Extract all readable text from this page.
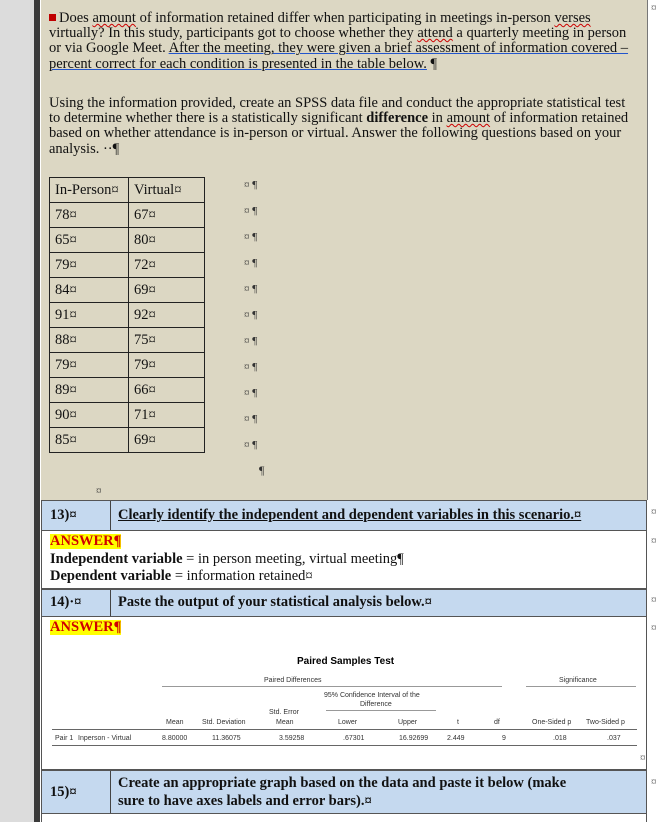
Does amount of information retained differ when participating in meetings in-person verses virtually? In this study, participants got to choose whether they attend a quarterly meeting in person or via Google Meet. After the meeting, they were given a brief assessment of information covered – percent correct for each condition is presented in the table below. ¶
Using the information provided, create an SPSS data file and conduct the appropriate statistical test to determine whether there is a statistically significant difference in amount of information retained based on whether attendance is in-person or virtual. Answer the following questions based on your analysis. ··¶
In-Person¤	Virtual¤
78¤	67¤
65¤	80¤
79¤	72¤
84¤	69¤
91¤	92¤
88¤	75¤
79¤	79¤
89¤	66¤
90¤	71¤
85¤	69¤
¤ ¶
¤ ¶
¤ ¶
¤ ¶
¤ ¶
¤ ¶
¤ ¶
¤ ¶
¤ ¶
¤ ¶
¤ ¶
¶
¤
¤
13)¤	Clearly identify the independent and dependent variables in this scenario.¤	¤
ANSWER¶
Independent variable = in person meeting, virtual meeting¶
Dependent variable = information retained¤
¤
14)·¤	Paste the output of your statistical analysis below.¤	¤
ANSWER¶
Paired Samples Test
Paired Differences	Significance
95% Confidence Interval of the
Difference
Std. Error
Mean	Std. Deviation	Mean	Lower	Upper	t	df	One-Sided p Two-Sided p
Pair 1 Inperson - Virtual	8.80000	11.36075	3.59258	.67301	16.92699	2.449	9	.018	.037
¤
¤
15)¤
Create an appropriate graph based on the data and paste it below (make
sure to have axes labels and error bars).¤
¤
